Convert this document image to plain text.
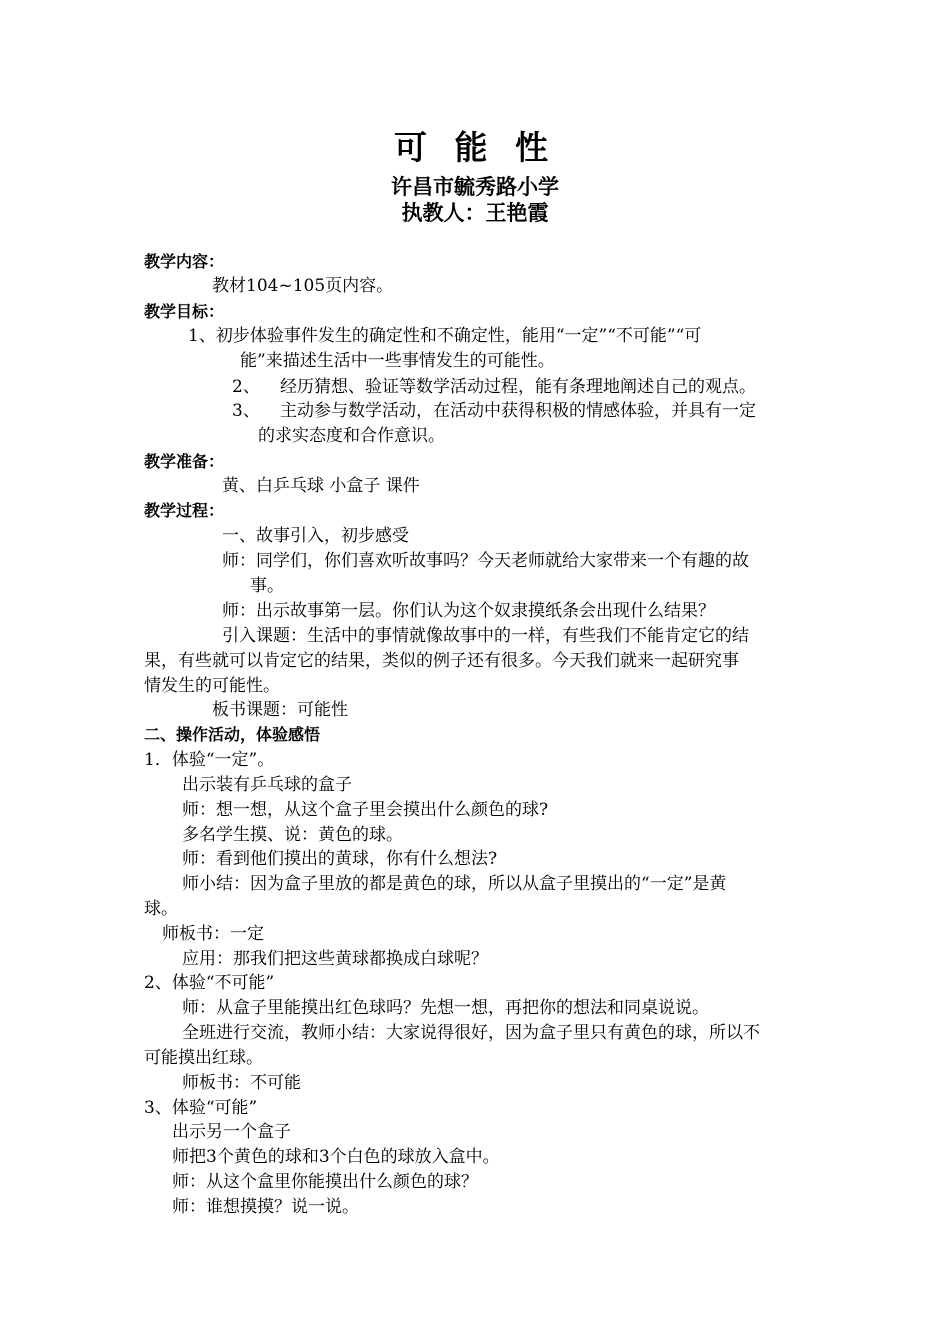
可 能 性
许昌市毓秀路小学
执教人：王艳霞
教学内容：
教材104~105页内容。
教学目标：
1、初步体验事件发生的确定性和不确定性，能用“一定”“不可能”“可
能”来描述生活中一些事情发生的可能性。
2、 经历猜想、验证等数学活动过程，能有条理地阐述自己的观点。
3、 主动参与数学活动，在活动中获得积极的情感体验，并具有一定
的求实态度和合作意识。
教学准备：
黄、白乒乓球 小盒子 课件
教学过程：
一、故事引入，初步感受
师：同学们，你们喜欢听故事吗？今天老师就给大家带来一个有趣的故
事。
师：出示故事第一层。你们认为这个奴隶摸纸条会出现什么结果？
引入课题：生活中的事情就像故事中的一样，有些我们不能肯定它的结
果，有些就可以肯定它的结果，类似的例子还有很多。今天我们就来一起研究事
情发生的可能性。
板书课题：可能性
二、操作活动，体验感悟
1．体验“一定”。
出示装有乒乓球的盒子
师：想一想，从这个盒子里会摸出什么颜色的球?
多名学生摸、说：黄色的球。
师：看到他们摸出的黄球，你有什么想法?
师小结：因为盒子里放的都是黄色的球，所以从盒子里摸出的“一定”是黄
球。
师板书：一定
应用：那我们把这些黄球都换成白球呢？
2、体验“不可能”
师：从盒子里能摸出红色球吗？先想一想，再把你的想法和同桌说说。
全班进行交流，教师小结：大家说得很好，因为盒子里只有黄色的球，所以不
可能摸出红球。
师板书：不可能
3、体验“可能”
出示另一个盒子
师把3个黄色的球和3个白色的球放入盒中。
师：从这个盒里你能摸出什么颜色的球？
师：谁想摸摸？说一说。
